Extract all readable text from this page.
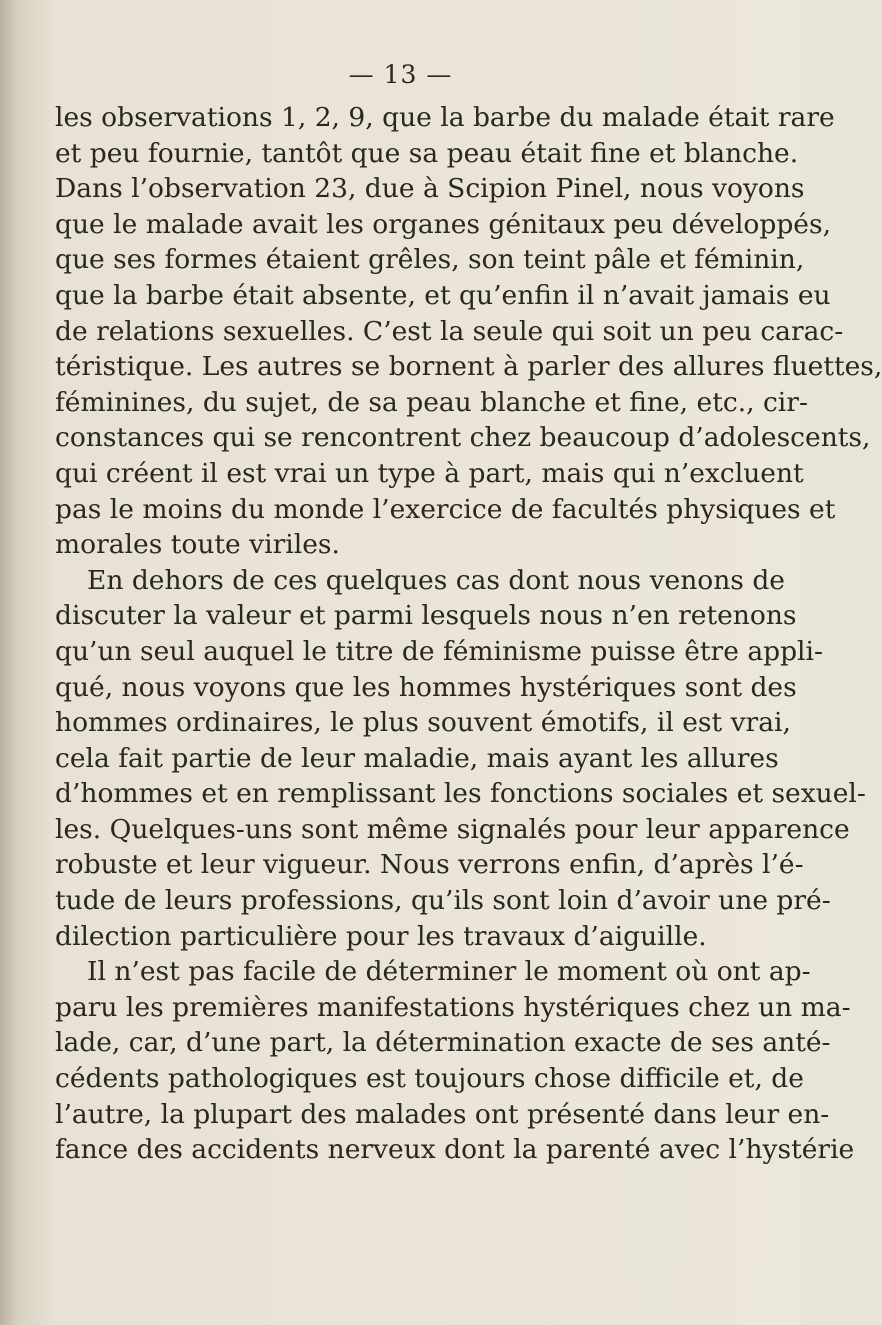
— 13 —
les observations 1, 2, 9, que la barbe du malade était rare
et peu fournie, tantôt que sa peau était fine et blanche.
Dans l’observation 23, due à Scipion Pinel, nous voyons
que le malade avait les organes génitaux peu développés,
que ses formes étaient grêles, son teint pâle et féminin,
que la barbe était absente, et qu’enfin il n’avait jamais eu
de relations sexuelles. C’est la seule qui soit un peu carac-
téristique. Les autres se bornent à parler des allures fluettes,
féminines, du sujet, de sa peau blanche et fine, etc., cir-
constances qui se rencontrent chez beaucoup d’adolescents,
qui créent il est vrai un type à part, mais qui n’excluent
pas le moins du monde l’exercice de facultés physiques et
morales toute viriles.
En dehors de ces quelques cas dont nous venons de
discuter la valeur et parmi lesquels nous n’en retenons
qu’un seul auquel le titre de féminisme puisse être appli-
qué, nous voyons que les hommes hystériques sont des
hommes ordinaires, le plus souvent émotifs, il est vrai,
cela fait partie de leur maladie, mais ayant les allures
d’hommes et en remplissant les fonctions sociales et sexuel-
les. Quelques-uns sont même signalés pour leur apparence
robuste et leur vigueur. Nous verrons enfin, d’après l’é-
tude de leurs professions, qu’ils sont loin d’avoir une pré-
dilection particulière pour les travaux d’aiguille.
Il n’est pas facile de déterminer le moment où ont ap-
paru les premières manifestations hystériques chez un ma-
lade, car, d’une part, la détermination exacte de ses anté-
cédents pathologiques est toujours chose difficile et, de
l’autre, la plupart des malades ont présenté dans leur en-
fance des accidents nerveux dont la parenté avec l’hystérie
